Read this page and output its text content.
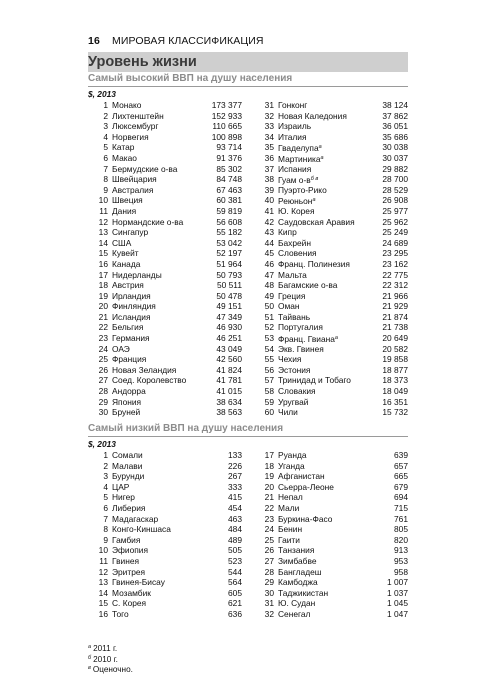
16 МИРОВАЯ КЛАССИФИКАЦИЯ
Уровень жизни
Самый высокий ВВП на душу населения
$, 2013
1 Монако	173 377
2 Лихтенштейн	152 933
3 Люксембург	110 665
4 Норвегия	100 898
5 Катар	93 714
6 Макао	91 376
7 Бермудские о-ва	85 302
8 Швейцария	84 748
9 Австралия	67 463
10 Швеция	60 381
11 Дания	59 819
12 Нормандские о-ва	56 608
13 Сингапур	55 182
14 США	53 042
15 Кувейт	52 197
16 Канада	51 964
17 Нидерланды	50 793
18 Австрия	50 511
19 Ирландия	50 478
20 Финляндия	49 151
21 Исландия	47 349
22 Бельгия	46 930
23 Германия	46 251
24 ОАЭ	43 049
25 Франция	42 560
26 Новая Зеландия	41 824
27 Соед. Королевство	41 781
28 Андорра	41 015
29 Япония	38 634
30 Бруней	38 563
31 Гонконг	38 124
32 Новая Каледония	37 862
33 Израиль	36 051
34 Италия	35 686
35 Гваделупа$^a$	30 038
36 Мартиника$^a$	30 037
37 Испания	29 882
38 Гуам $о-в^{б в}$	28 700
39 Пуэрто-Рико	28 529
40 Реюньон$^a$	26 908
41 Ю. Корея	25 977
42 Саудовская Аравия	25 962
43 Кипр	25 249
44 Бахрейн	24 689
45 Словения	23 295
46 Франц. Полинезия	23 162
47 Мальта	22 775
48 Багамские о-ва	22 312
49 Греция	21 966
50 Оман	21 929
51 Тайвань	21 874
52 Португалия	21 738
53 Франц. Гвиана$^a$	20 649
54 Экв. Гвинея	20 582
55 Чехия	19 858
56 Эстония	18 877
57 Тринидад и Тобаго	18 373
58 Словакия	18 049
59 Уругвай	16 351
60 Чили	15 732
Самый низкий ВВП на душу населения
$, 2013
1 Сомали	133
2 Малави	226
3 Бурунди	267
4 ЦАР	333
5 Нигер	415
6 Либерия	454
7 Мадагаскар	463
8 Конго-Киншаса	484
9 Гамбия	489
10 Эфиопия	505
11 Гвинея	523
12 Эритрея	544
13 Гвинея-Бисау	564
14 Мозамбик	605
15 С. Корея	621
16 Того	636
17 Руанда	639
18 Уганда	657
19 Афганистан	665
20 Сьерра-Леоне	679
21 Непал	694
22 Мали	715
23 Буркина-Фасо	761
24 Бенин	805
25 Гаити	820
26 Танзания	913
27 Зимбабве	953
28 Бангладеш	958
29 Камбоджа	1 007
30 Таджикистан	1 037
31 Ю. Судан	1 045
32 Сенегал	1 047
$^a$ 2011 г.
$^б$ 2010 г.
$^в$ Оценочно.
